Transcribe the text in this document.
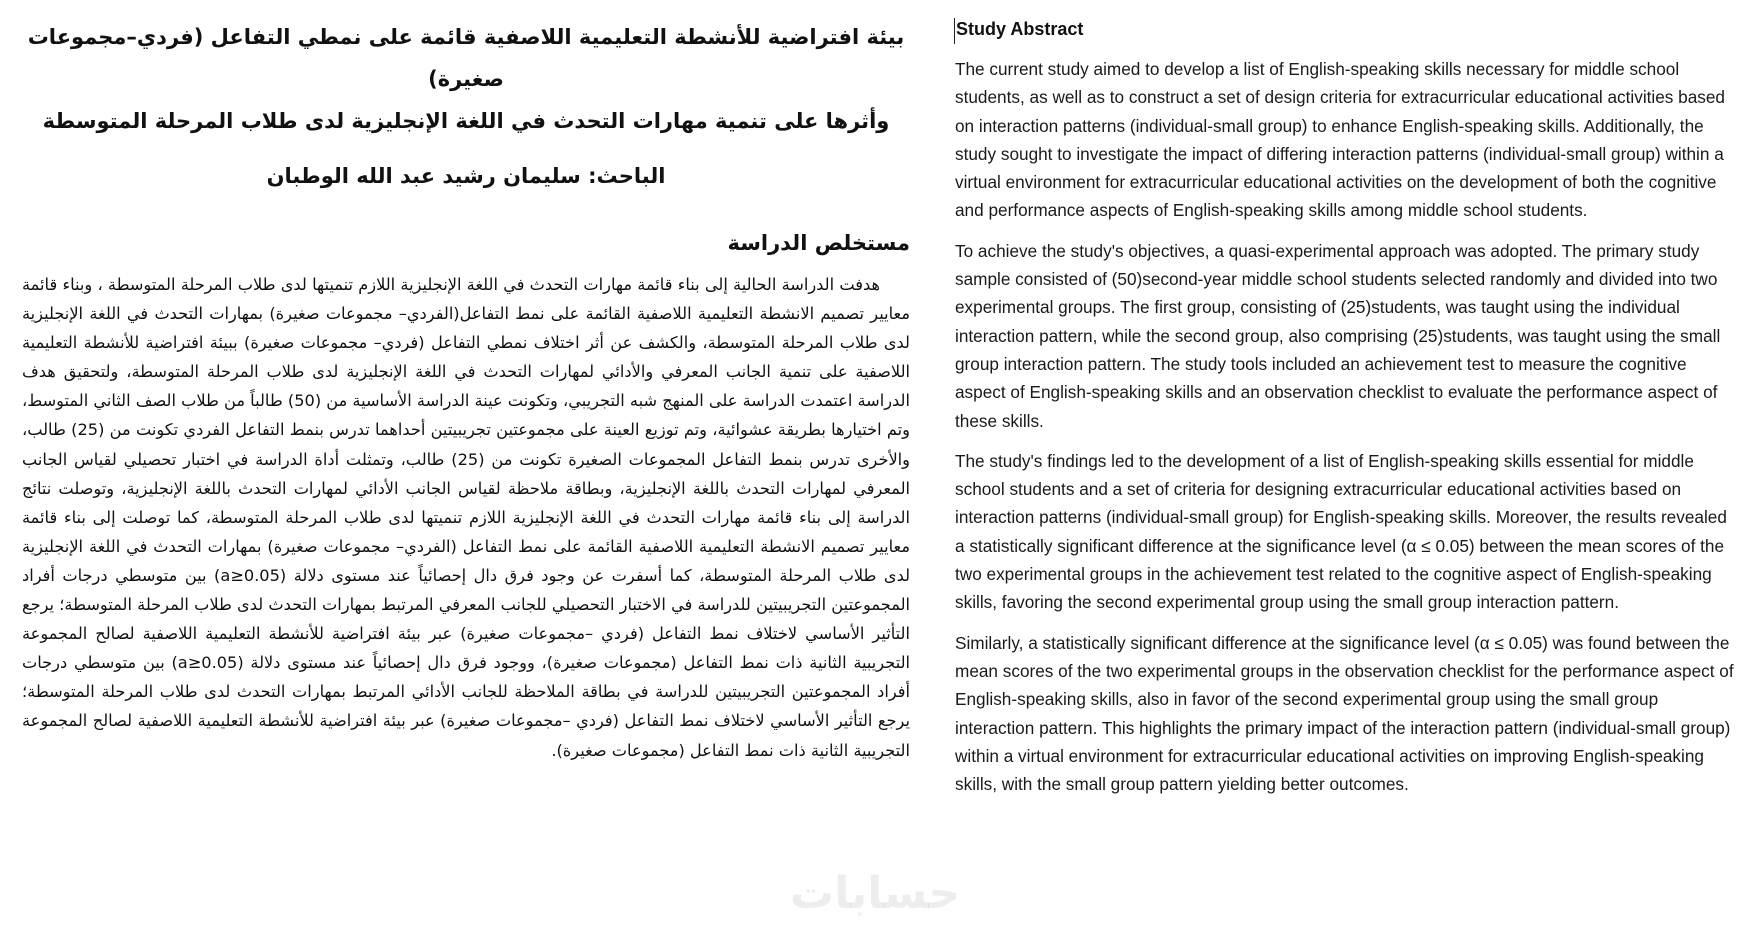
بيئة افتراضية للأنشطة التعليمية اللاصفية قائمة على نمطي التفاعل (فردي–مجموعات صغيرة)
وأثرها على تنمية مهارات التحدث في اللغة الإنجليزية لدى طلاب المرحلة المتوسطة

الباحث: سليمان رشيد عبد الله الوطبان

مستخلص الدراسة

هدفت الدراسة الحالية إلى بناء قائمة مهارات التحدث في اللغة الإنجليزية اللازم تنميتها لدى طلاب المرحلة المتوسطة ، وبناء قائمة معايير تصميم الانشطة التعليمية اللاصفية القائمة على نمط التفاعل(الفردي– مجموعات صغيرة) بمهارات التحدث في اللغة الإنجليزية لدى طلاب المرحلة المتوسطة، والكشف عن أثر اختلاف نمطي التفاعل (فردي– مجموعات صغيرة) ببيئة افتراضية للأنشطة التعليمية اللاصفية على تنمية الجانب المعرفي والأدائي لمهارات التحدث في اللغة الإنجليزية لدى طلاب المرحلة المتوسطة، ولتحقيق هدف الدراسة اعتمدت الدراسة على المنهج شبه التجريبي، وتكونت عينة الدراسة الأساسية من (50) طالباً من طلاب الصف الثاني المتوسط، وتم اختيارها بطريقة عشوائية، وتم توزيع العينة على مجموعتين تجريبيتين أحداهما تدرس بنمط التفاعل الفردي تكونت من (25) طالب، والأخرى تدرس بنمط التفاعل المجموعات الصغيرة تكونت من (25) طالب، وتمثلت أداة الدراسة في اختبار تحصيلي لقياس الجانب المعرفي لمهارات التحدث باللغة الإنجليزية، وبطاقة ملاحظة لقياس الجانب الأدائي لمهارات التحدث باللغة الإنجليزية، وتوصلت نتائج الدراسة إلى بناء قائمة مهارات التحدث في اللغة الإنجليزية اللازم تنميتها لدى طلاب المرحلة المتوسطة، كما توصلت إلى بناء قائمة معايير تصميم الانشطة التعليمية اللاصفية القائمة على نمط التفاعل (الفردي– مجموعات صغيرة) بمهارات التحدث في اللغة الإنجليزية لدى طلاب المرحلة المتوسطة، كما أسفرت عن وجود فرق دال إحصائياً عند مستوى دلالة (a≥0.05) بين متوسطي درجات أفراد المجموعتين التجريبيتين للدراسة في الاختبار التحصيلي للجانب المعرفي المرتبط بمهارات التحدث لدى طلاب المرحلة المتوسطة؛ يرجع التأثير الأساسي لاختلاف نمط التفاعل (فردي –مجموعات صغيرة) عبر بيئة افتراضية للأنشطة التعليمية اللاصفية لصالح المجموعة التجريبية الثانية ذات نمط التفاعل (مجموعات صغيرة)، ووجود فرق دال إحصائياً عند مستوى دلالة (a≥0.05) بين متوسطي درجات أفراد المجموعتين التجريبيتين للدراسة في بطاقة الملاحظة للجانب الأدائي المرتبط بمهارات التحدث لدى طلاب المرحلة المتوسطة؛ يرجع التأثير الأساسي لاختلاف نمط التفاعل (فردي –مجموعات صغيرة) عبر بيئة افتراضية للأنشطة التعليمية اللاصفية لصالح المجموعة التجريبية الثانية ذات نمط التفاعل (مجموعات صغيرة).

Study Abstract

The current study aimed to develop a list of English-speaking skills necessary for middle school students, as well as to construct a set of design criteria for extracurricular educational activities based on interaction patterns (individual-small group) to enhance English-speaking skills. Additionally, the study sought to investigate the impact of differing interaction patterns (individual-small group) within a virtual environment for extracurricular educational activities on the development of both the cognitive and performance aspects of English-speaking skills among middle school students.

To achieve the study's objectives, a quasi-experimental approach was adopted. The primary study sample consisted of (50)second-year middle school students selected randomly and divided into two experimental groups. The first group, consisting of (25)students, was taught using the individual interaction pattern, while the second group, also comprising (25)students, was taught using the small group interaction pattern. The study tools included an achievement test to measure the cognitive aspect of English-speaking skills and an observation checklist to evaluate the performance aspect of these skills.

The study's findings led to the development of a list of English-speaking skills essential for middle school students and a set of criteria for designing extracurricular educational activities based on interaction patterns (individual-small group) for English-speaking skills. Moreover, the results revealed a statistically significant difference at the significance level (α ≤ 0.05) between the mean scores of the two experimental groups in the achievement test related to the cognitive aspect of English-speaking skills, favoring the second experimental group using the small group interaction pattern.

Similarly, a statistically significant difference at the significance level (α ≤ 0.05) was found between the mean scores of the two experimental groups in the observation checklist for the performance aspect of English-speaking skills, also in favor of the second experimental group using the small group interaction pattern. This highlights the primary impact of the interaction pattern (individual-small group) within a virtual environment for extracurricular educational activities on improving English-speaking skills, with the small group pattern yielding better outcomes.

حسابات
